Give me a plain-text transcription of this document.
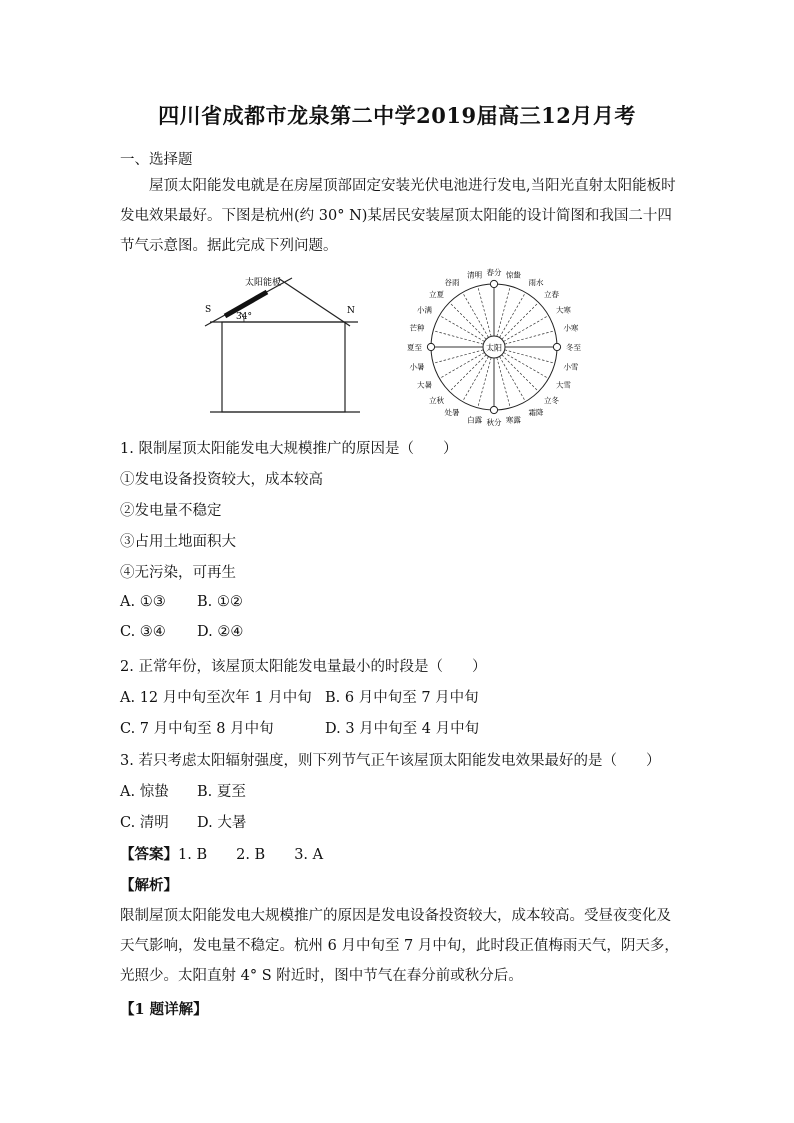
四川省成都市龙泉第二中学2019届高三12月月考
一、选择题
屋顶太阳能发电就是在房屋顶部固定安装光伏电池进行发电,当阳光直射太阳能板时发电效果最好。下图是杭州(约 30° N)某居民安装屋顶太阳能的设计简图和我国二十四节气示意图。据此完成下列问题。
太阳能板
34°
S	N
太阳
春分 惊蛰
雨水
立春
大寒
小寒
冬至
小雪
大雪
立冬
霜降
寒露
秋分
白露
处暑
立秋
大暑
小暑
夏至
芒种
小满
立夏
谷雨
清明
1. 限制屋顶太阳能发电大规模推广的原因是（　　）
①发电设备投资较大，成本较高
②发电量不稳定
③占用土地面积大
④无污染，可再生
A. ①③ B. ①②
C. ③④ D. ②④
2. 正常年份，该屋顶太阳能发电量最小的时段是（　　）
A. 12 月中旬至次年 1 月中旬 B. 6 月中旬至 7 月中旬
C. 7 月中旬至 8 月中旬	D. 3 月中旬至 4 月中旬
3. 若只考虑太阳辐射强度，则下列节气正午该屋顶太阳能发电效果最好的是（　　）
A. 惊蛰 B. 夏至
C. 清明 D. 大暑
【答案】1. B　　2. B　　3. A
【解析】
限制屋顶太阳能发电大规模推广的原因是发电设备投资较大，成本较高。受昼夜变化及天气影响，发电量不稳定。杭州 6 月中旬至 7 月中旬，此时段正值梅雨天气，阴天多，光照少。太阳直射 4° S 附近时，图中节气在春分前或秋分后。
【1 题详解】
